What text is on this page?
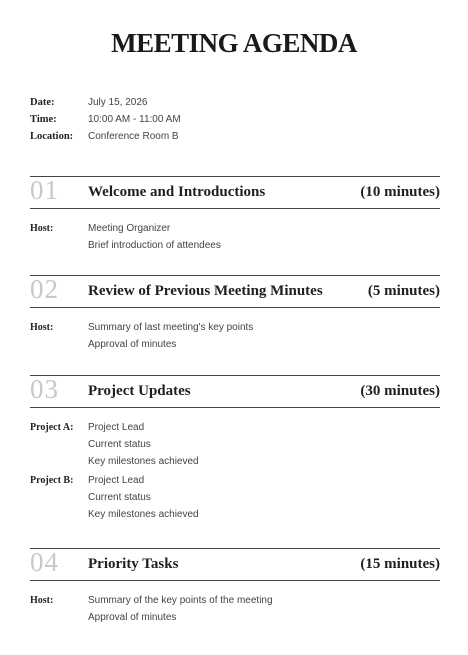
MEETING AGENDA
Date:	July 15, 2026
Time:	10:00 AM - 11:00 AM
Location:	Conference Room B
01 Welcome and Introductions	(10 minutes)
Host:	Meeting Organizer
Brief introduction of attendees
02 Review of Previous Meeting Minutes	(5 minutes)
Host:	Summary of last meeting's key points
Approval of minutes
03 Project Updates	(30 minutes)
Project A:	Project Lead
Current status
Key milestones achieved
Project B:	Project Lead
Current status
Key milestones achieved
04 Priority Tasks	(15 minutes)
Host:	Summary of the key points of the meeting
Approval of minutes
